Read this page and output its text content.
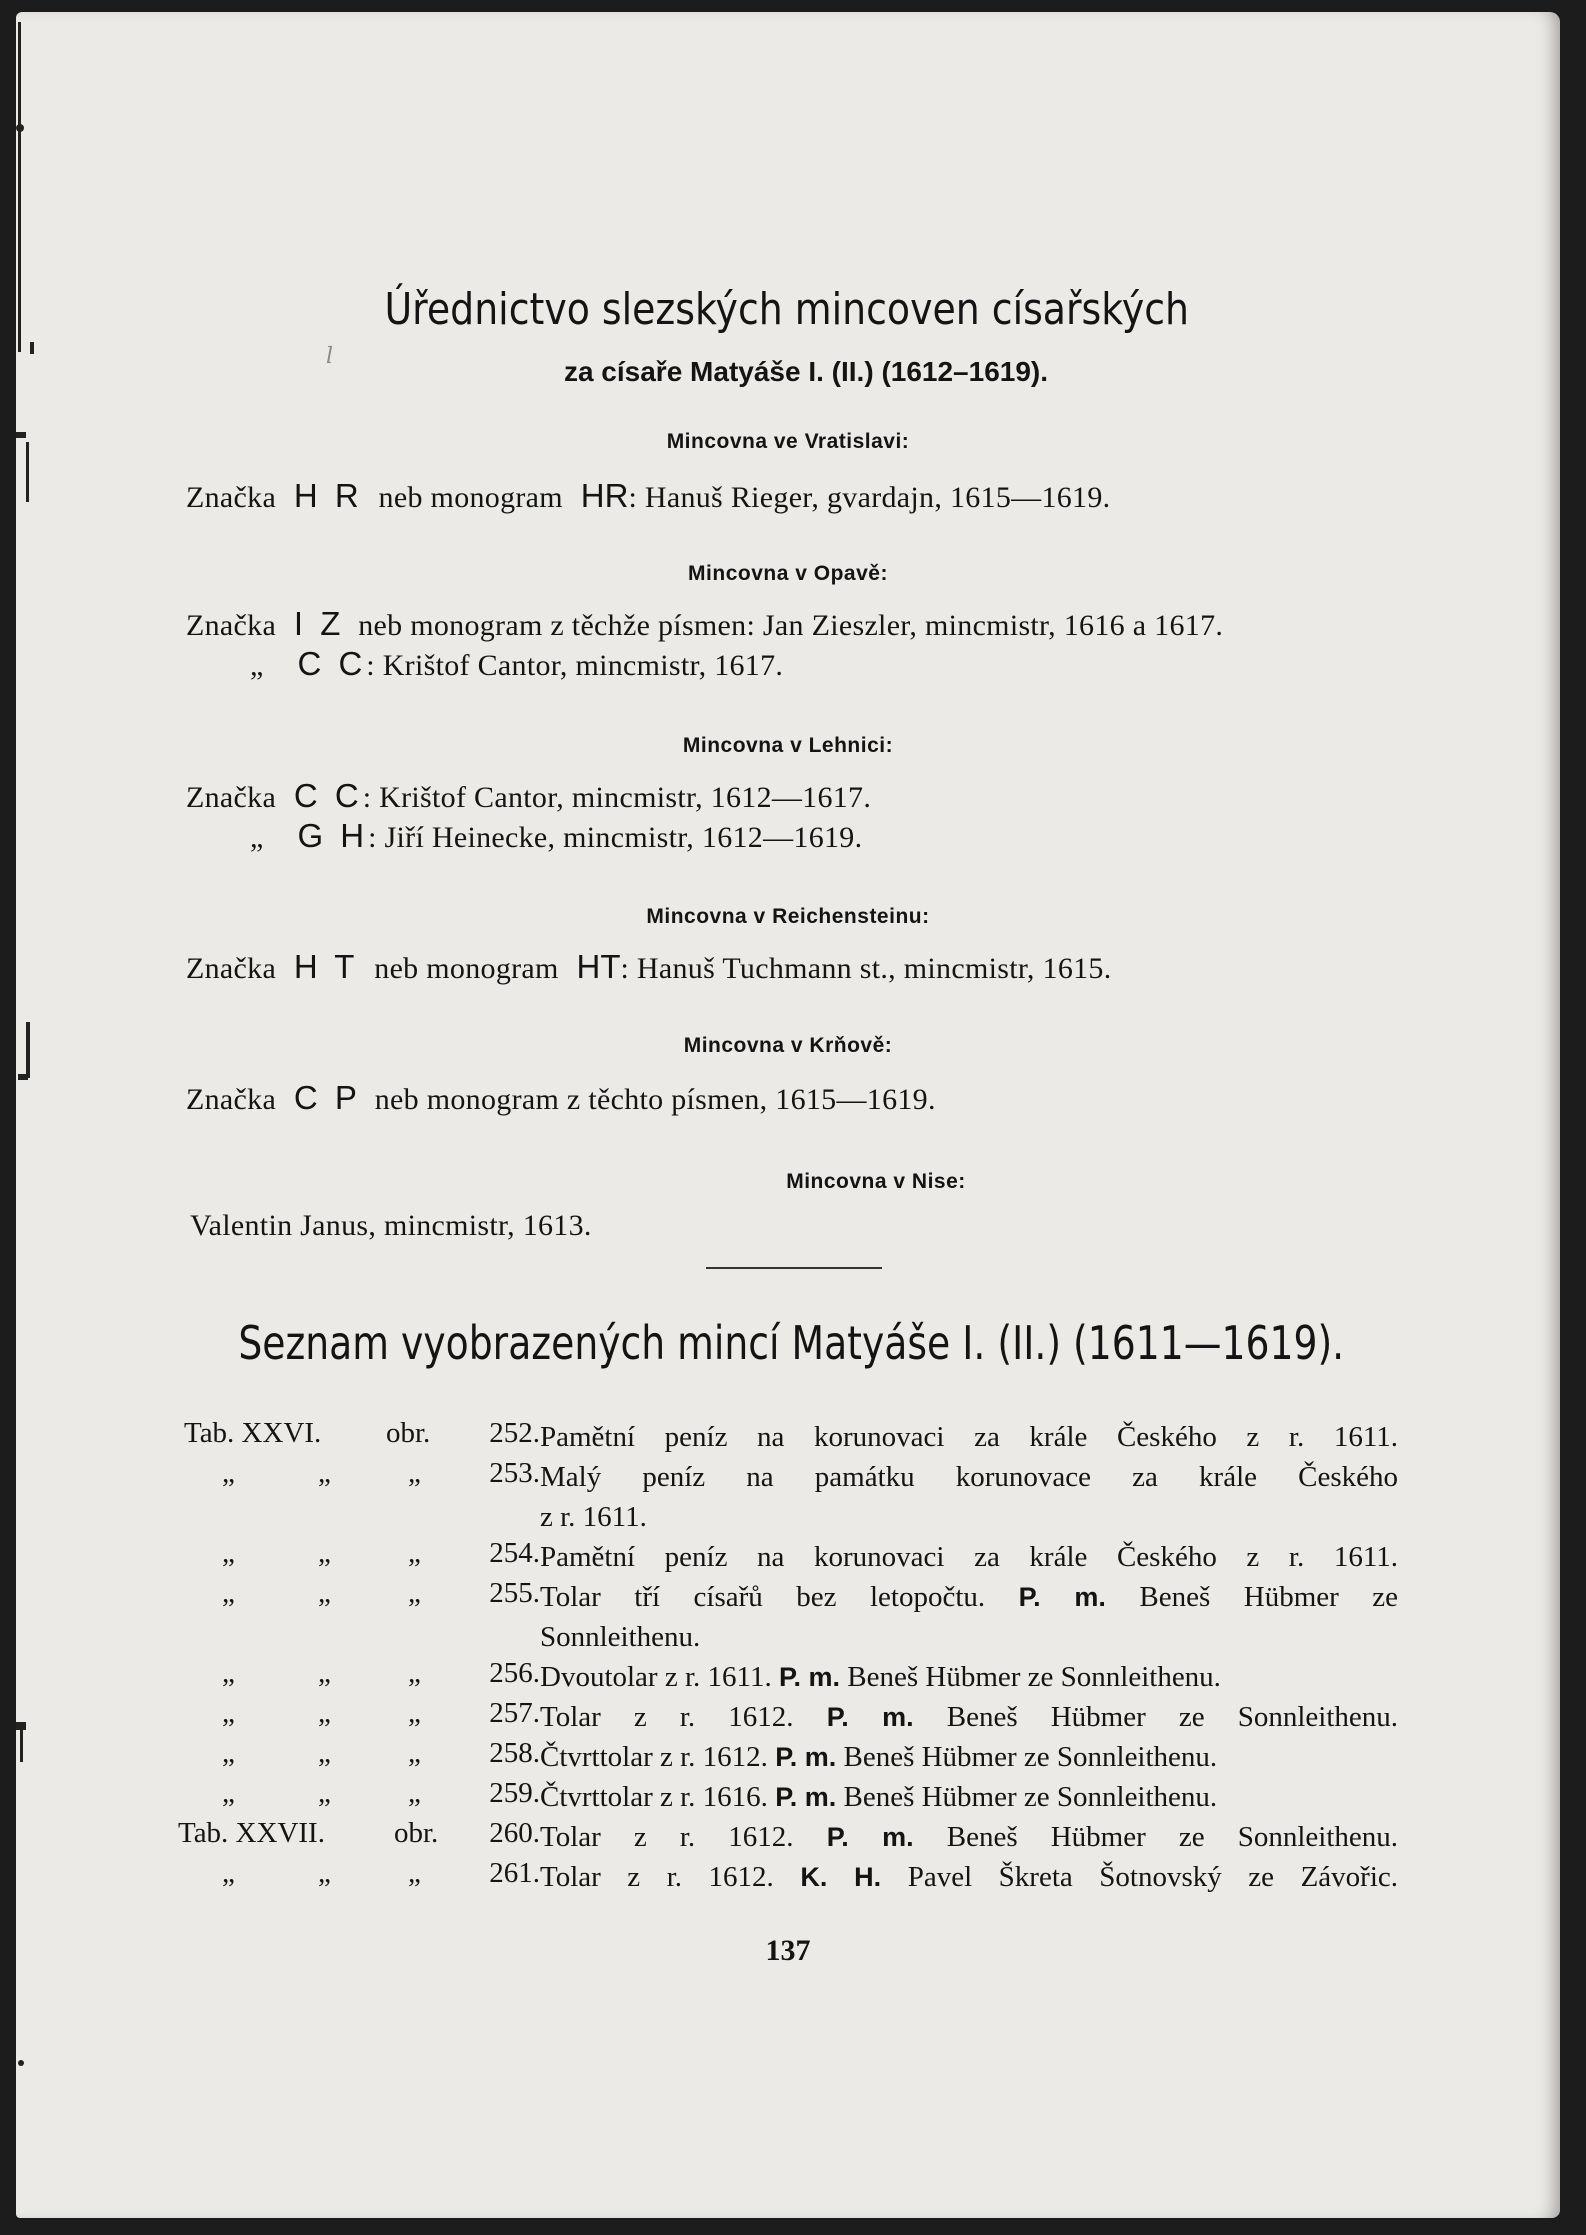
Úřednictvo slezských mincoven císařských
l	za císaře Matyáše I. (II.) (1612–1619).
Mincovna ve Vratislavi:
Značka H R neb monogram HR: Hanuš Rieger, gvardajn, 1615—1619.
Mincovna v Opavě:
Značka I Z neb monogram z těchže písmen: Jan Zieszler, mincmistr, 1616 a 1617.
„ C C: Krištof Cantor, mincmistr, 1617.
Mincovna v Lehnici:
Značka C C: Krištof Cantor, mincmistr, 1612—1617.
„ G H: Jiří Heinecke, mincmistr, 1612—1619.
Mincovna v Reichensteinu:
Značka H T neb monogram HT: Hanuš Tuchmann st., mincmistr, 1615.
Mincovna v Krňově:
Značka C P neb monogram z těchto písmen, 1615—1619.
Mincovna v Nise:
Valentin Janus, mincmistr, 1613.
Seznam vyobrazených mincí Matyáše I. (II.) (1611—1619).
Tab. XXVI.	obr.	252. Pamětní peníz na korunovaci za krále Českého z r. 1611.
„	„	„	253. Malý peníz na památku korunovace za krále Českého
z r. 1611.
„	„	„	254. Pamětní peníz na korunovaci za krále Českého z r. 1611.
„	„	„	255. Tolar tří císařů bez letopočtu. P. m. Beneš Hübmer ze
Sonnleithenu.
„	„	„	256. Dvoutolar z r. 1611. P. m. Beneš Hübmer ze Sonnleithenu.
„	„	„	257. Tolar z r. 1612. P. m. Beneš Hübmer ze Sonnleithenu.
„	„	„	258. Čtvrttolar z r. 1612. P. m. Beneš Hübmer ze Sonnleithenu.
„	„	„	259. Čtvrttolar z r. 1616. P. m. Beneš Hübmer ze Sonnleithenu.
Tab. XXVII.	obr.	260. Tolar z r. 1612. P. m. Beneš Hübmer ze Sonnleithenu.
„	„	„	261. Tolar z r. 1612. K. H. Pavel Škreta Šotnovský ze Závořic.
137
